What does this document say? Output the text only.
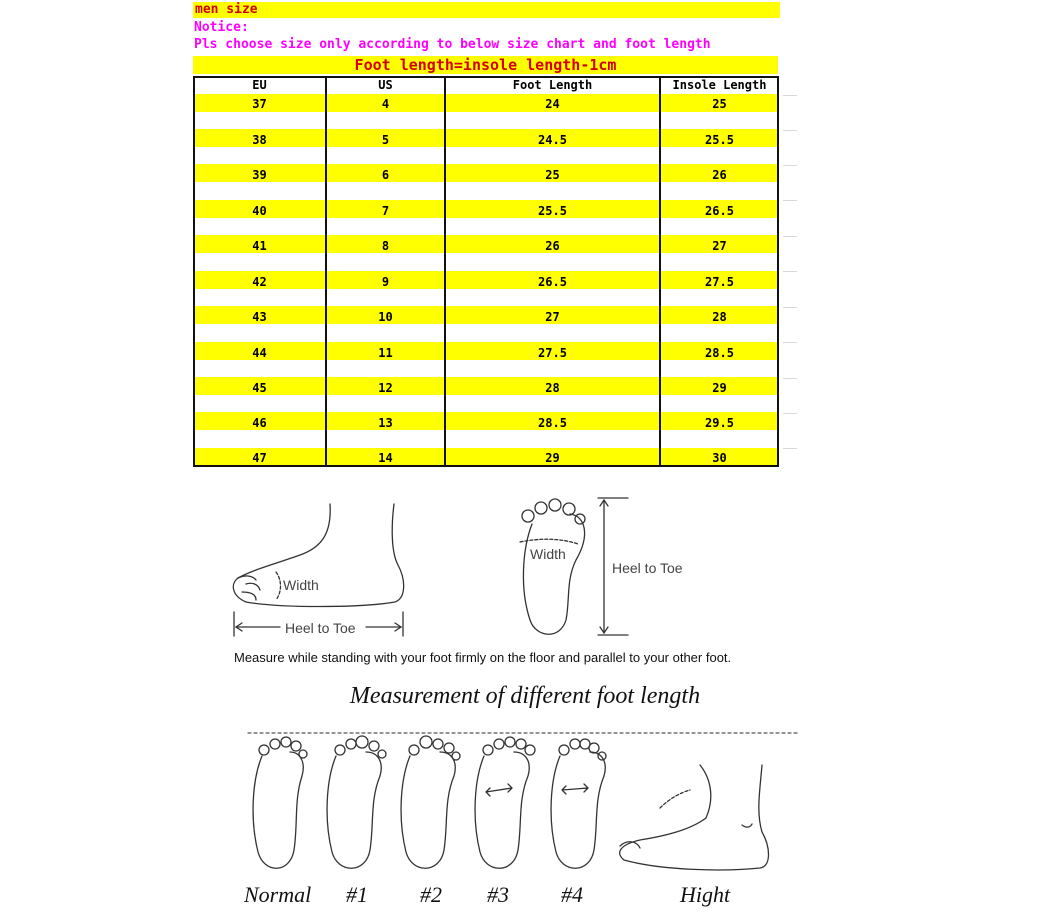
men size
Notice:
Pls choose size only according to below size chart and foot length
Foot length=insole length-1cm
EU	US	Foot Length	Insole Length
37	4	24	25
38	5	24.5	25.5
39	6	25	26
40	7	25.5	26.5
41	8	26	27
42	9	26.5	27.5
43	10	27	28
44	11	27.5	28.5
45	12	28	29
46	13	28.5	29.5
47	14	29	30
Width
Heel to Toe
Width
Heel to Toe
Measure while standing with your foot firmly on the floor and parallel to your other foot.
Measurement of different foot length
Normal #1 #2 #3 #4	Hight
